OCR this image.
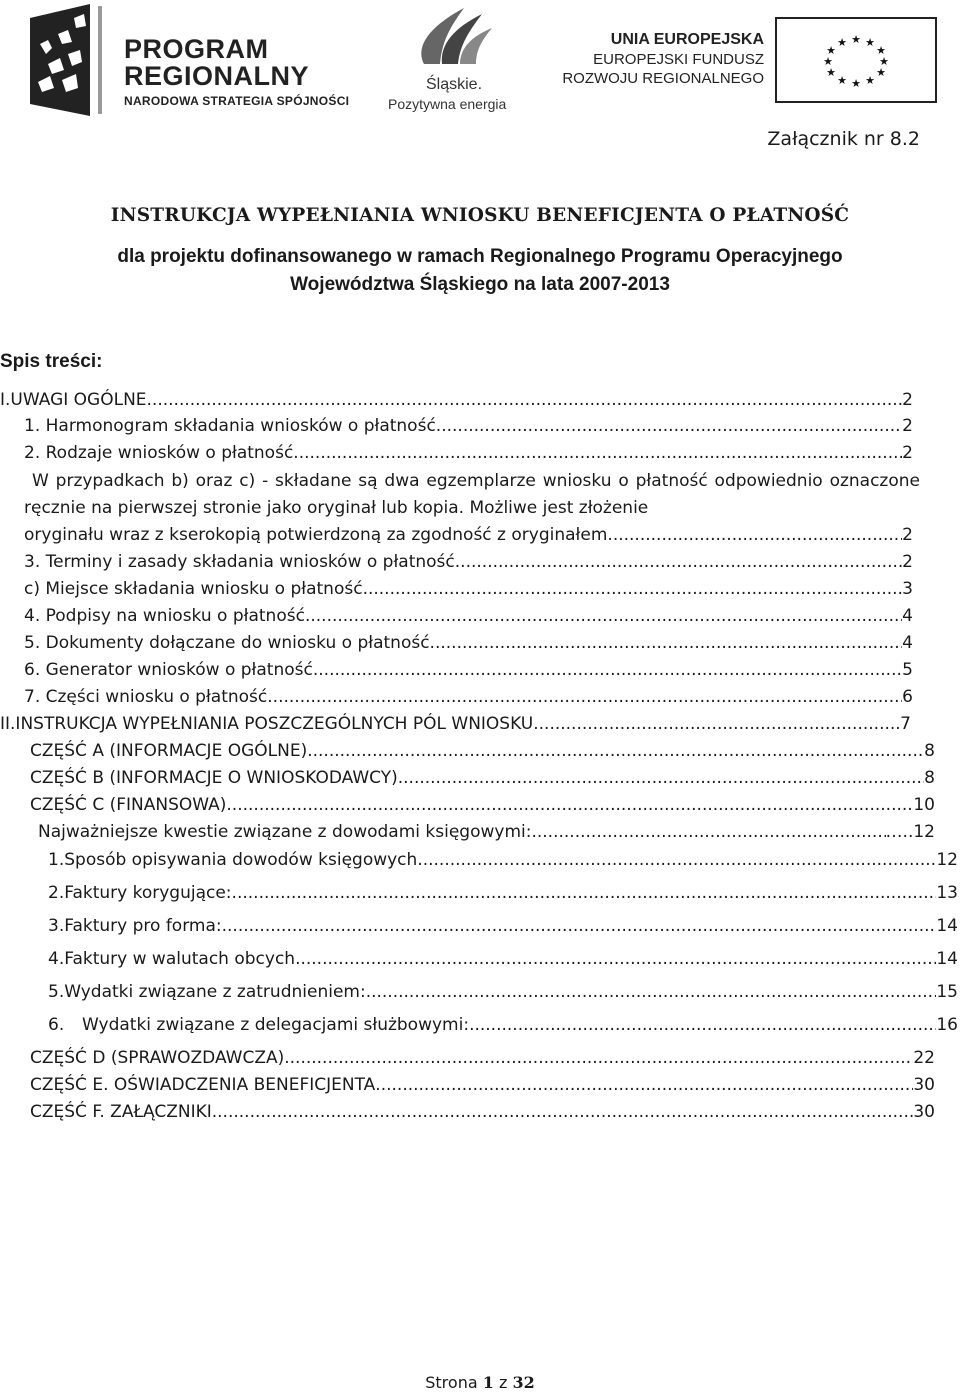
PROGRAM
REGIONALNY
NARODOWA STRATEGIA SPÓJNOŚCI
Śląskie.
Pozytywna energia
UNIA EUROPEJSKA
EUROPEJSKI FUNDUSZ
ROZWOJU REGIONALNEGO
★ ★
★
★
★
★
★
★
★
★
★
★
Załącznik nr 8.2
INSTRUKCJA WYPEŁNIANIA WNIOSKU BENEFICJENTA O PŁATNOŚĆ
dla projektu dofinansowanego w ramach Regionalnego Programu Operacyjnego
Województwa Śląskiego na lata 2007-2013
Spis treści:
I.UWAGI OGÓLNE .....	2
1. Harmonogram składania wniosków o płatność .....	2
2. Rodzaje wniosków o płatność .....	2
W przypadkach b) oraz c) - składane są dwa egzemplarze wniosku o płatność odpowiednio oznaczone ręcznie na pierwszej stronie jako oryginał lub kopia. Możliwe jest złożenie
oryginału wraz z kserokopią potwierdzoną za zgodność z oryginałem. .....	2
3. Terminy i zasady składania wniosków o płatność .....	2
c) Miejsce składania wniosku o płatność .....	3
4. Podpisy na wniosku o płatność .....	4
5. Dokumenty dołączane do wniosku o płatność .....	4
6. Generator wniosków o płatność .....	5
7. Części wniosku o płatność .....	6
II.INSTRUKCJA WYPEŁNIANIA POSZCZEGÓLNYCH PÓL WNIOSKU .....	7
CZĘŚĆ A (INFORMACJE OGÓLNE) .....	8
CZĘŚĆ B (INFORMACJE O WNIOSKODAWCY) .....	8
CZĘŚĆ C (FINANSOWA) .....	10
Najważniejsze kwestie związane z dowodami księgowymi: .....	…..12
1.Sposób opisywania dowodów księgowych .....	12
2.Faktury korygujące: .....	13
3.Faktury pro forma: .....	14
4.Faktury w walutach obcych .....	14
5.Wydatki związane z zatrudnieniem: .....	15
6. Wydatki związane z delegacjami służbowymi: .....	16
CZĘŚĆ D (SPRAWOZDAWCZA) .....	22
CZĘŚĆ E. OŚWIADCZENIA BENEFICJENTA .....	30
CZĘŚĆ F. ZAŁĄCZNIKI .....	30
Strona 1 z 32
